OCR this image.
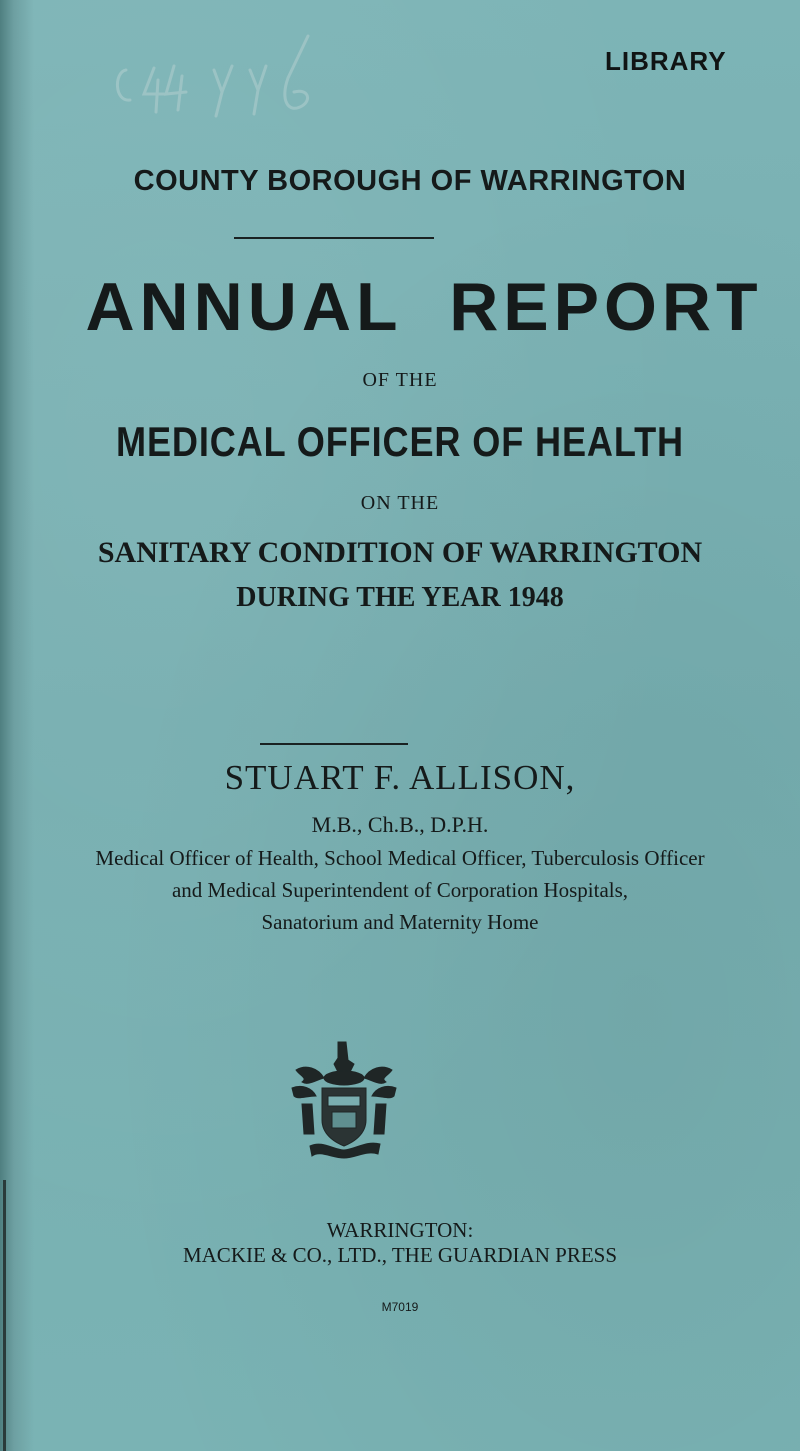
LIBRARY
COUNTY BOROUGH OF WARRINGTON
ANNUAL REPORT
OF THE
MEDICAL OFFICER OF HEALTH
ON THE
SANITARY CONDITION OF WARRINGTON
DURING THE YEAR 1948
STUART F. ALLISON,
M.B., Ch.B., D.P.H.
Medical Officer of Health, School Medical Officer, Tuberculosis Officer
and Medical Superintendent of Corporation Hospitals,
Sanatorium and Maternity Home
WARRINGTON:
MACKIE & CO., LTD., THE GUARDIAN PRESS
M7019
